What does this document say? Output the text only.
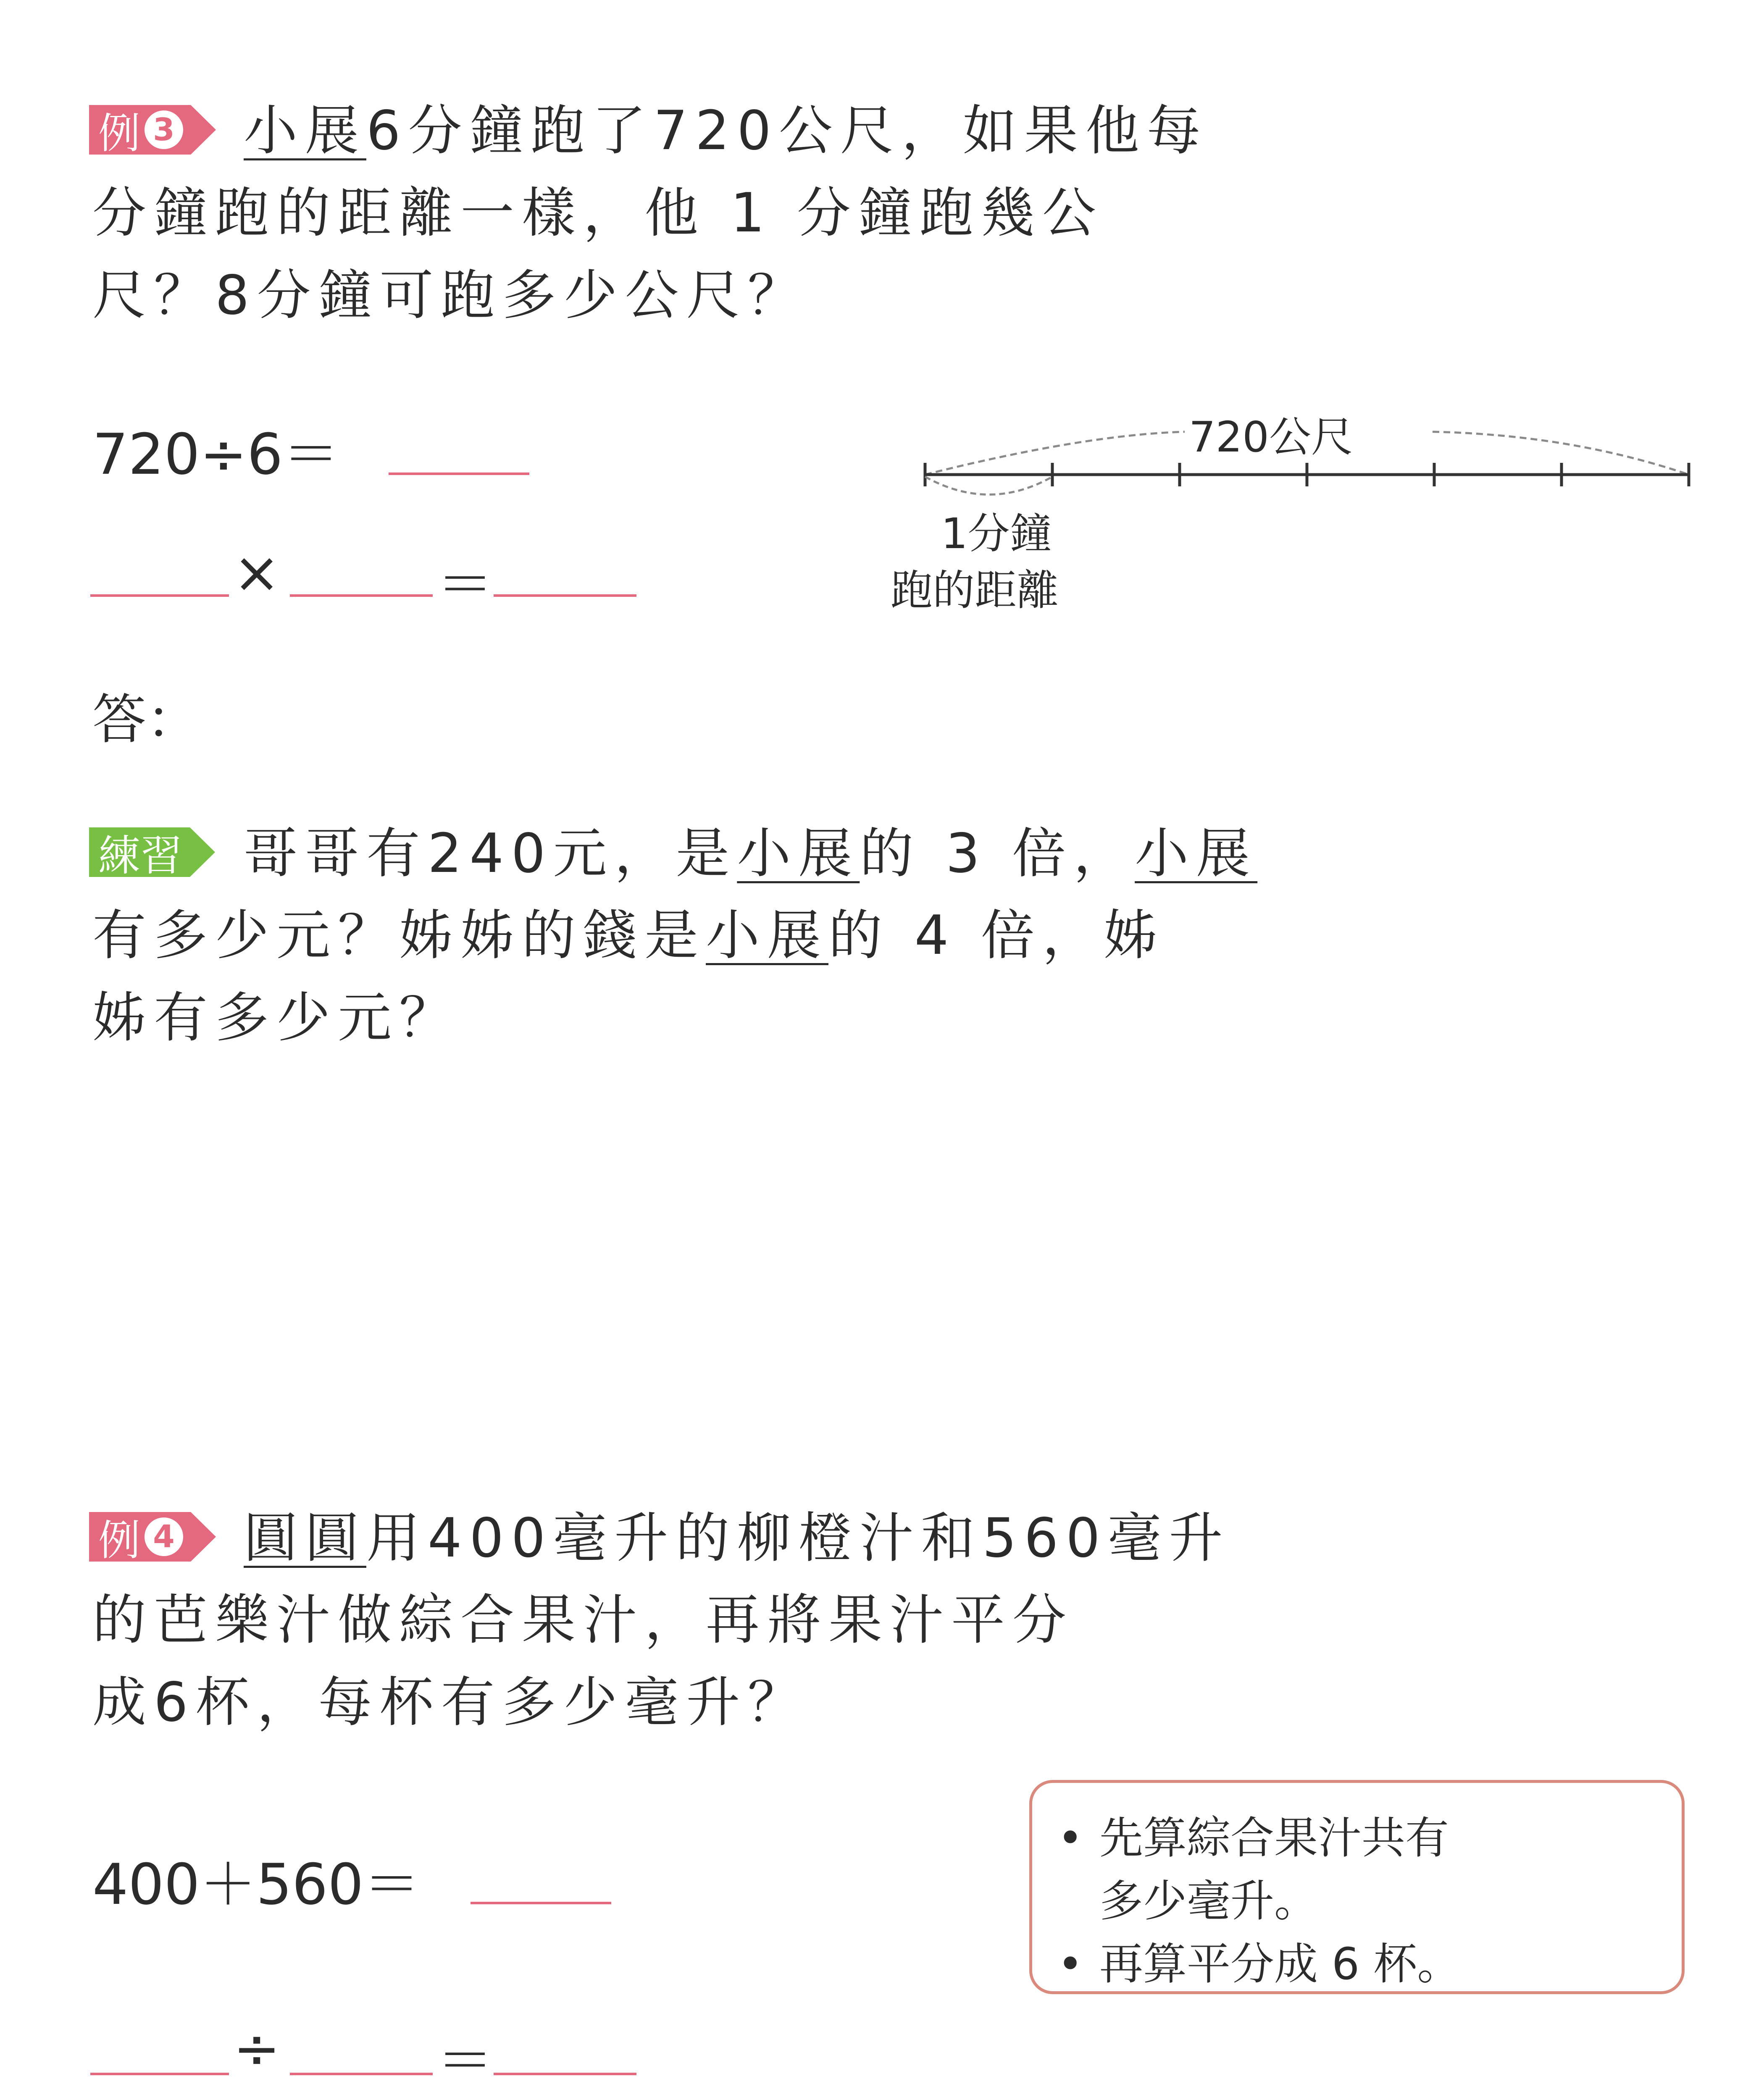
例 3 小展6分鐘跑了720公尺，如果他每
分鐘跑的距離一樣，他 1 分鐘跑幾公
尺？8分鐘可跑多少公尺？
720÷6＝
×	＝
答：
720公尺
1分鐘
跑的距離
練習 哥哥有240元，是小展的 3 倍，小展
有多少元？姊姊的錢是小展的 4 倍，姊
姊有多少元？
例 4 圓圓用400毫升的柳橙汁和560毫升
的芭樂汁做綜合果汁，再將果汁平分
成6杯，每杯有多少毫升？
400＋560＝
÷	＝
• 先算綜合果汁共有
多少毫升。
• 再算平分成 6 杯。
